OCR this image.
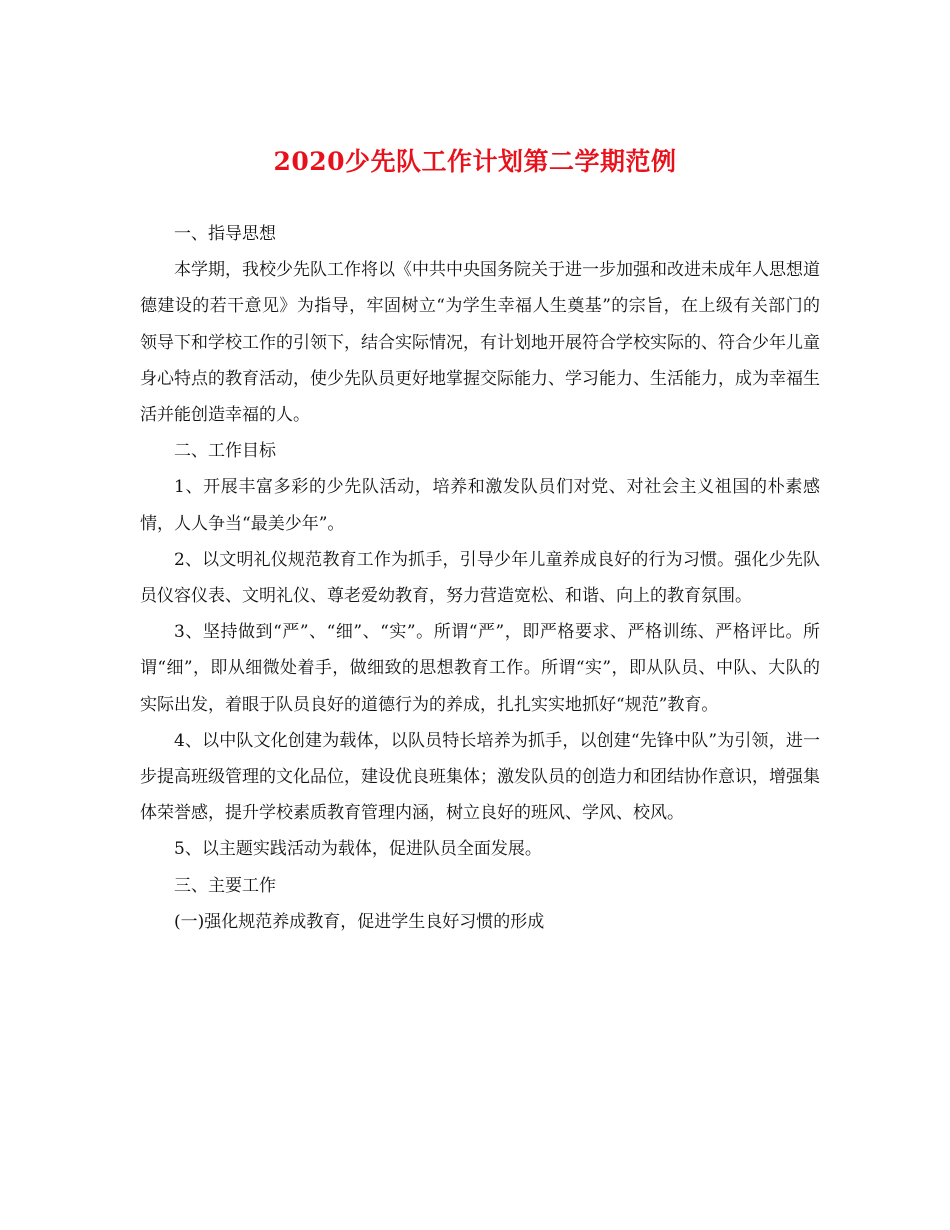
2020少先队工作计划第二学期范例

一、指导思想

本学期，我校少先队工作将以《中共中央国务院关于进一步加强和改进未成年人思想道德建设的若干意见》为指导，牢固树立“为学生幸福人生奠基”的宗旨，在上级有关部门的领导下和学校工作的引领下，结合实际情况，有计划地开展符合学校实际的、符合少年儿童身心特点的教育活动，使少先队员更好地掌握交际能力、学习能力、生活能力，成为幸福生活并能创造幸福的人。

二、工作目标

1、开展丰富多彩的少先队活动，培养和激发队员们对党、对社会主义祖国的朴素感情，人人争当“最美少年”。

2、以文明礼仪规范教育工作为抓手，引导少年儿童养成良好的行为习惯。强化少先队员仪容仪表、文明礼仪、尊老爱幼教育，努力营造宽松、和谐、向上的教育氛围。

3、坚持做到“严”、“细”、“实”。所谓“严”，即严格要求、严格训练、严格评比。所谓“细”，即从细微处着手，做细致的思想教育工作。所谓“实”，即从队员、中队、大队的实际出发，着眼于队员良好的道德行为的养成，扎扎实实地抓好“规范”教育。

4、以中队文化创建为载体，以队员特长培养为抓手，以创建“先锋中队”为引领，进一步提高班级管理的文化品位，建设优良班集体；激发队员的创造力和团结协作意识，增强集体荣誉感，提升学校素质教育管理内涵，树立良好的班风、学风、校风。

5、以主题实践活动为载体，促进队员全面发展。

三、主要工作

(一)强化规范养成教育，促进学生良好习惯的形成
